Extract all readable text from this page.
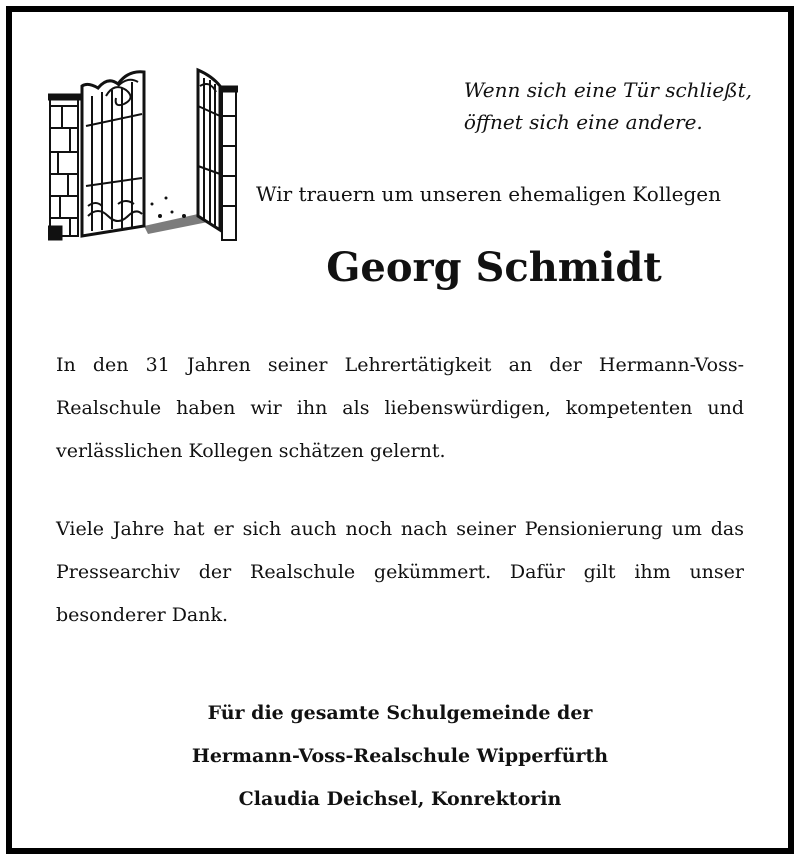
Wenn sich eine Tür schließt,
öffnet sich eine andere.
Wir trauern um unseren ehemaligen Kollegen
Georg Schmidt
In den 31 Jahren seiner Lehrertätigkeit an der Hermann-Voss-Realschule haben wir ihn als liebenswürdigen, kompetenten und verlässlichen Kollegen schätzen gelernt.
Viele Jahre hat er sich auch noch nach seiner Pensionierung um das Pressearchiv der Realschule gekümmert. Dafür gilt ihm unser besonderer Dank.
Für die gesamte Schulgemeinde der
Hermann-Voss-Realschule Wipperfürth
Claudia Deichsel, Konrektorin
